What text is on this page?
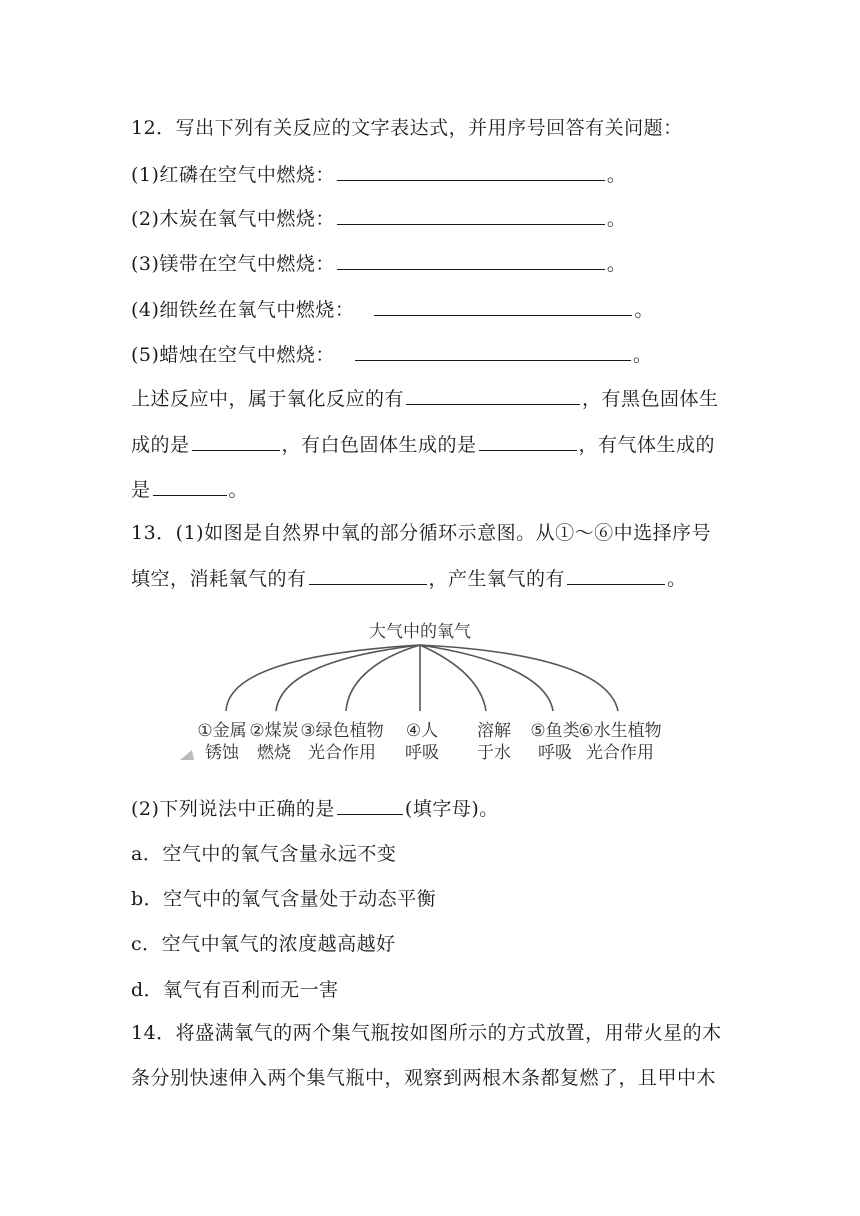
12．写出下列有关反应的文字表达式，并用序号回答有关问题：
(1)红磷在空气中燃烧：	。
(2)木炭在氧气中燃烧：	。
(3)镁带在空气中燃烧：	。
(4)细铁丝在氧气中燃烧：	。
(5)蜡烛在空气中燃烧：	。
上述反应中，属于氧化反应的有	，有黑色固体生
成的是	，有白色固体生成的是	，有气体生成的
是	。
13．(1)如图是自然界中氧的部分循环示意图。从①～⑥中选择序号
填空，消耗氧气的有	，产生氧气的有	。
大气中的氧气
①金属
锈蚀
②煤炭
燃烧
③绿色植物
光合作用
④人
呼吸
溶解
于水
⑤鱼类
呼吸
⑥水生植物
光合作用
(2)下列说法中正确的是	(填字母)。
a．空气中的氧气含量永远不变
b．空气中的氧气含量处于动态平衡
c．空气中氧气的浓度越高越好
d．氧气有百利而无一害
14．将盛满氧气的两个集气瓶按如图所示的方式放置，用带火星的木
条分别快速伸入两个集气瓶中，观察到两根木条都复燃了，且甲中木
